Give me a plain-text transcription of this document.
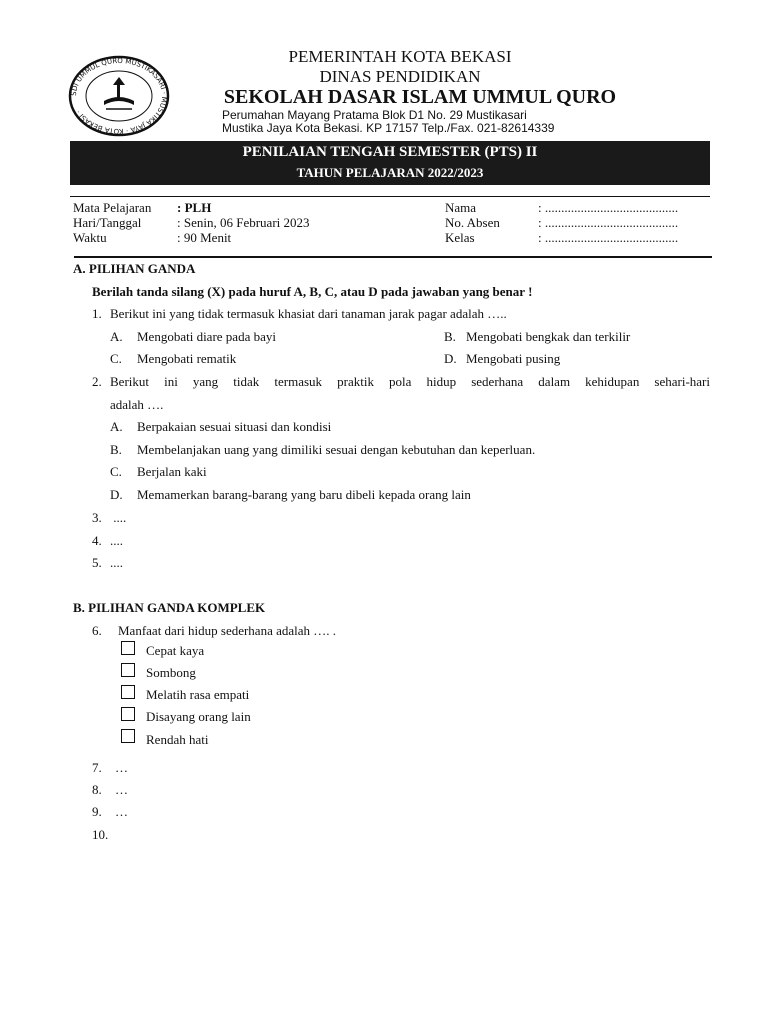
SDI UMMUL QURO MUSTIKASARI · MUSTIKA JAYA · KOTA BEKASI ·
PEMERINTAH KOTA BEKASI
DINAS PENDIDIKAN
SEKOLAH DASAR ISLAM UMMUL QURO
Perumahan Mayang Pratama Blok D1 No. 29 Mustikasari
Mustika Jaya Kota Bekasi. KP 17157 Telp./Fax. 021-82614339
PENILAIAN TENGAH SEMESTER (PTS) II
TAHUN PELAJARAN 2022/2023
Mata Pelajaran : PLH
Hari/Tanggal	: Senin, 06 Februari 2023
Waktu	: 90 Menit
Nama	: .........................................
No. Absen	: .........................................
Kelas	: .........................................
A. PILIHAN GANDA
Berilah tanda silang (X) pada huruf A, B, C, atau D pada jawaban yang benar !
1. Berikut ini yang tidak termasuk khasiat dari tanaman jarak pagar adalah …..
A. Mengobati diare pada bayi	B. Mengobati bengkak dan terkilir
C. Mengobati rematik	D. Mengobati pusing
2. Berikut ini yang tidak termasuk praktik pola hidup sederhana dalam kehidupan sehari-hari
adalah ….
A. Berpakaian sesuai situasi dan kondisi
B. Membelanjakan uang yang dimiliki sesuai dengan kebutuhan dan keperluan.
C. Berjalan kaki
D. Memamerkan barang-barang yang baru dibeli kepada orang lain
3. ....
4. ....
5. ....
B. PILIHAN GANDA KOMPLEK
6. Manfaat dari hidup sederhana adalah …. .
Cepat kaya
Sombong
Melatih rasa empati
Disayang orang lain
Rendah hati
7. …
8. …
9. …
10.
